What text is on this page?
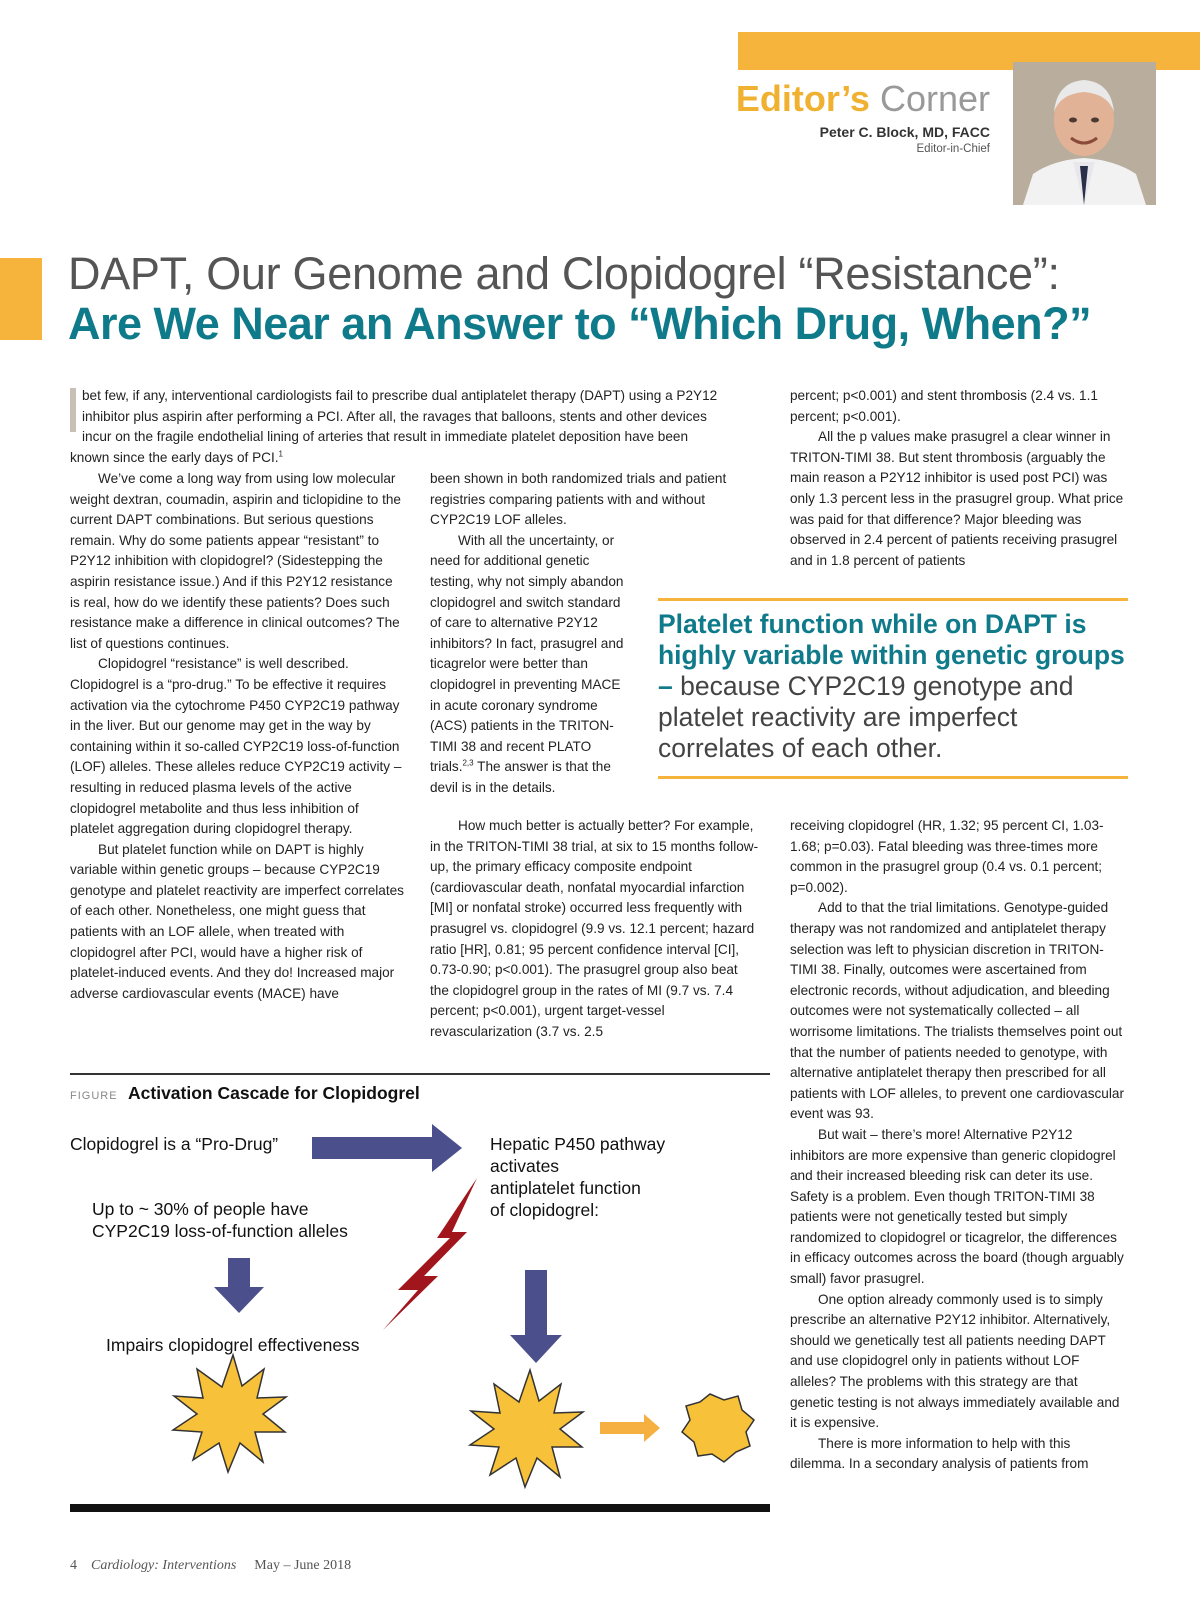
Editor’s Corner
Peter C. Block, MD, FACC
Editor-in-Chief
DAPT, Our Genome and Clopidogrel “Resistance”:
Are We Near an Answer to “Which Drug, When?”

bet few, if any, interventional cardiologists fail to prescribe dual antiplatelet therapy (DAPT) using a P2Y12

inhibitor plus aspirin after performing a PCI. After all, the ravages that balloons, stents and other devices

incur on the fragile endothelial lining of arteries that result in immediate platelet deposition have been

known since the early days of PCI.$^1$

We’ve come a long way from using low molecular weight dextran, coumadin, aspirin and ticlopidine to the current DAPT combinations. But serious questions remain. Why do some patients appear “resistant” to P2Y12 inhibition with clopidogrel? (Sidestepping the aspirin resistance issue.) And if this P2Y12 resistance is real, how do we identify these patients? Does such resistance make a difference in clinical outcomes? The list of questions continues.

Clopidogrel “resistance” is well described. Clopidogrel is a “pro-drug.” To be effective it requires activation via the cytochrome P450 CYP2C19 pathway in the liver. But our genome may get in the way by containing within it so-called CYP2C19 loss-of-function (LOF) alleles. These alleles reduce CYP2C19 activity – resulting in reduced plasma levels of the active clopidogrel metabolite and thus less inhibition of platelet aggregation during clopidogrel therapy.

But platelet function while on DAPT is highly variable within genetic groups – because CYP2C19 genotype and platelet reactivity are imperfect correlates of each other. Nonetheless, one might guess that patients with an LOF allele, when treated with clopidogrel after PCI, would have a higher risk of platelet-induced events. And they do! Increased major adverse cardiovascular events (MACE) have

been shown in both randomized trials and patient registries comparing patients with and without CYP2C19 LOF alleles.

With all the uncertainty, or need for additional genetic testing, why not simply abandon clopidogrel and switch standard of care to alternative P2Y12 inhibitors? In fact, prasugrel and ticagrelor were better than clopidogrel in preventing MACE in acute coronary syndrome (ACS) patients in the TRITON-TIMI 38 and recent PLATO trials.$^{2,3}$ The answer is that the devil is in the details.

How much better is actually better? For example, in the TRITON-TIMI 38 trial, at six to 15 months follow-up, the primary efficacy composite endpoint (cardiovascular death, nonfatal myocardial infarction [MI] or nonfatal stroke) occurred less frequently with prasugrel vs. clopidogrel (9.9 vs. 12.1 percent; hazard ratio [HR], 0.81; 95 percent confidence interval [CI], 0.73-0.90; p<0.001). The prasugrel group also beat the clopidogrel group in the rates of MI (9.7 vs. 7.4 percent; p<0.001), urgent target-vessel revascularization (3.7 vs. 2.5

percent; p<0.001) and stent thrombosis (2.4 vs. 1.1 percent; p<0.001).

All the p values make prasugrel a clear winner in TRITON-TIMI 38. But stent thrombosis (arguably the main reason a P2Y12 inhibitor is used post PCI) was only 1.3 percent less in the prasugrel group. What price was paid for that difference? Major bleeding was observed in 2.4 percent of patients receiving prasugrel and in 1.8 percent of patients

Platelet function while on DAPT is highly variable within genetic groups – because CYP2C19 genotype and platelet reactivity are imperfect correlates of each other.

receiving clopidogrel (HR, 1.32; 95 percent CI, 1.03-1.68; p=0.03). Fatal bleeding was three-times more common in the prasugrel group (0.4 vs. 0.1 percent; p=0.002).

Add to that the trial limitations. Genotype-guided therapy was not randomized and antiplatelet therapy selection was left to physician discretion in TRITON-TIMI 38. Finally, outcomes were ascertained from electronic records, without adjudication, and bleeding outcomes were not systematically collected – all worrisome limitations. The trialists themselves point out that the number of patients needed to genotype, with alternative antiplatelet therapy then prescribed for all patients with LOF alleles, to prevent one cardiovascular event was 93.

But wait – there’s more! Alternative P2Y12 inhibitors are more expensive than generic clopidogrel and their increased bleeding risk can deter its use. Safety is a problem. Even though TRITON-TIMI 38 patients were not genetically tested but simply randomized to clopidogrel or ticagrelor, the differences in efficacy outcomes across the board (though arguably small) favor prasugrel.

One option already commonly used is to simply prescribe an alternative P2Y12 inhibitor. Alternatively, should we genetically test all patients needing DAPT and use clopidogrel only in patients without LOF alleles? The problems with this strategy are that genetic testing is not always immediately available and it is expensive.

There is more information to help with this dilemma. In a secondary analysis of patients from

FIGURE Activation Cascade for Clopidogrel
Clopidogrel is a “Pro-Drug”	Hepatic P450 pathway
activates
antiplatelet function
of clopidogrel:
Up to ~ 30% of people have
CYP2C19 loss-of-function alleles
Impairs clopidogrel effectiveness
4 Cardiology: Interventions May – June 2018
